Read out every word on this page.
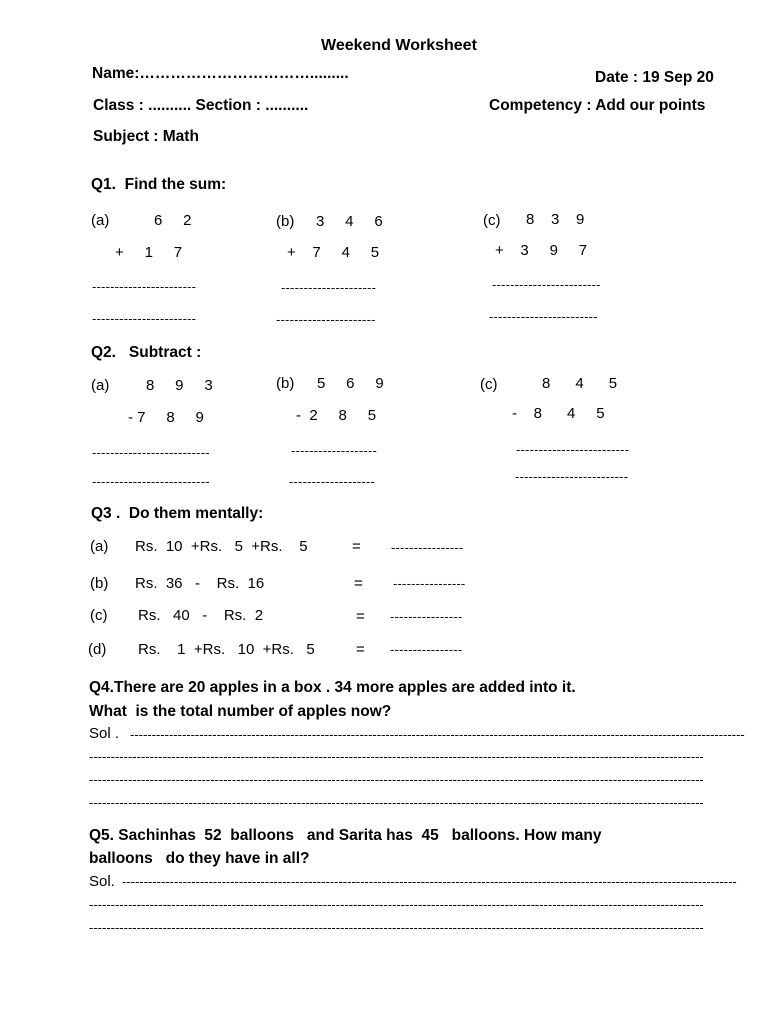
Weekend Worksheet
Name:…………………………….........	Date : 19 Sep 20
Class : .......... Section : ..........	Competency : Add our points
Subject : Math
Q1.  Find the sum:
(a)	6     2
+     1     7
-----------------------
-----------------------
(b) 3     4     6
+    7     4     5
---------------------
----------------------
(c) 8    3    9
+    3     9     7
------------------------
------------------------
Q2.   Subtract :
(a) 8     9     3
- 7     8     9
--------------------------
--------------------------
(b) 5     6     9
-  2     8     5
-------------------
-------------------
(c)	8      4      5
-    8      4     5
-------------------------
-------------------------
Q3 .  Do them mentally:
(a) Rs.  10  +Rs.   5  +Rs.    5	= ----------------
(b) Rs.  36   -    Rs.  16	= ----------------
(c) Rs.   40   -    Rs.  2	= ----------------
(d) Rs.    1  +Rs.   10  +Rs.   5	= ----------------
Q4.There are 20 apples in a box . 34 more apples are added into it.
What  is the total number of apples now?
Sol . ----------------------------------------------------------------------------------------------------------------------------------------------
----------------------------------------------------------------------------------------------------------------------------------------------
----------------------------------------------------------------------------------------------------------------------------------------------
----------------------------------------------------------------------------------------------------------------------------------------------
Q5. Sachinhas  52  balloons   and Sarita has  45   balloons. How many
balloons   do they have in all?
Sol. ----------------------------------------------------------------------------------------------------------------------------------------------
----------------------------------------------------------------------------------------------------------------------------------------------
----------------------------------------------------------------------------------------------------------------------------------------------
